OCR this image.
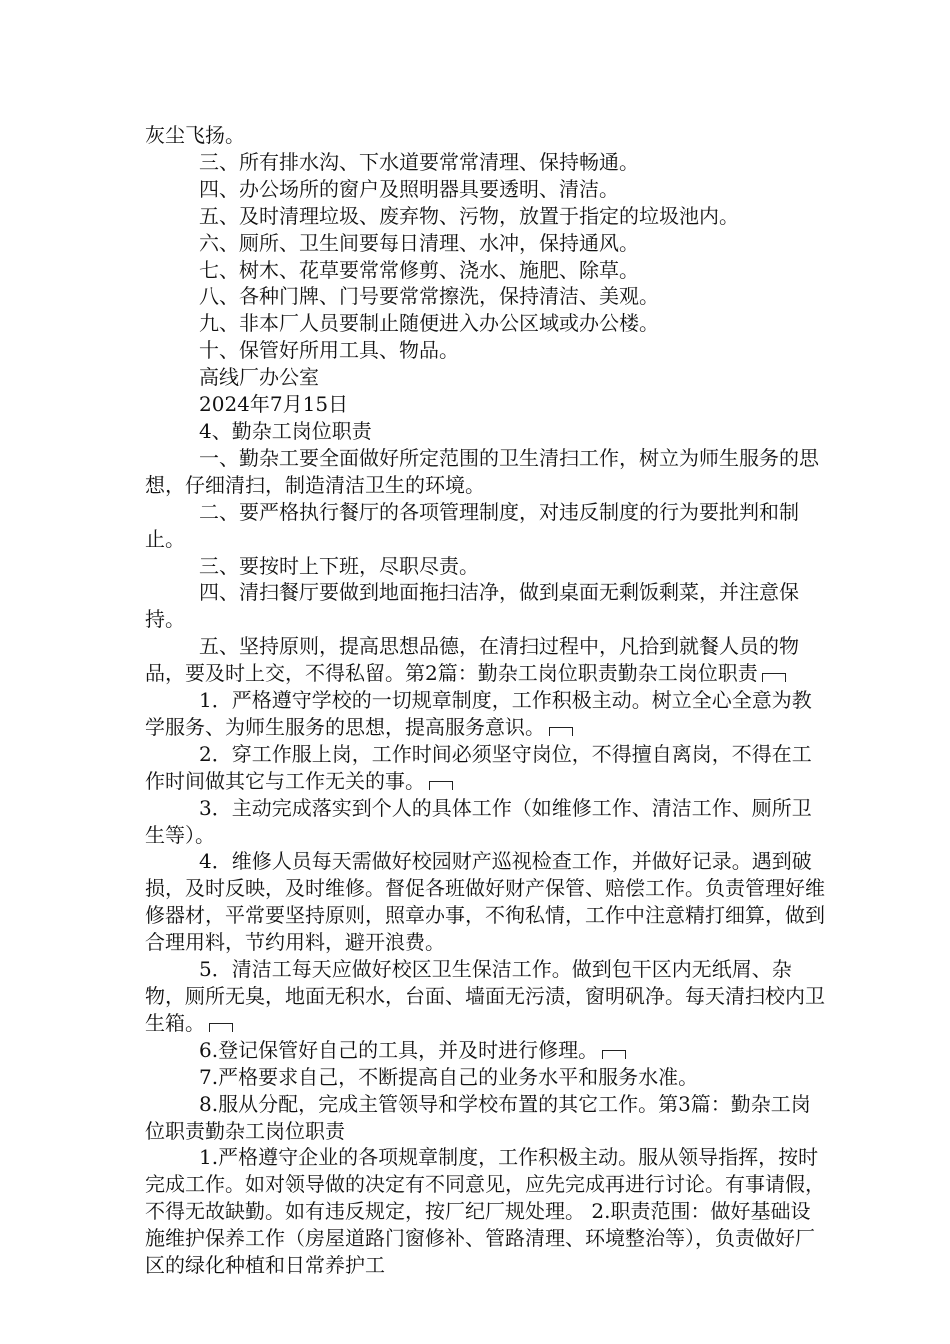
灰尘飞扬。

三、所有排水沟、下水道要常常清理、保持畅通。

四、办公场所的窗户及照明器具要透明、清洁。

五、及时清理垃圾、废弃物、污物，放置于指定的垃圾池内。

六、厕所、卫生间要每日清理、水冲，保持通风。

七、树木、花草要常常修剪、浇水、施肥、除草。

八、各种门牌、门号要常常擦洗，保持清洁、美观。

九、非本厂人员要制止随便进入办公区域或办公楼。

十、保管好所用工具、物品。

高线厂办公室

2024年7月15日

4、勤杂工岗位职责

一、勤杂工要全面做好所定范围的卫生清扫工作，树立为师生服务的思想，仔细清扫，制造清洁卫生的环境。

二、要严格执行餐厅的各项管理制度，对违反制度的行为要批判和制止。

三、要按时上下班，尽职尽责。

四、清扫餐厅要做到地面拖扫洁净，做到桌面无剩饭剩菜，并注意保持。

五、坚持原则，提高思想品德，在清扫过程中，凡拾到就餐人员的物品，要及时上交，不得私留。第2篇：勤杂工岗位职责勤杂工岗位职责

1．严格遵守学校的一切规章制度，工作积极主动。树立全心全意为教学服务、为师生服务的思想，提高服务意识。

2．穿工作服上岗，工作时间必须坚守岗位，不得擅自离岗，不得在工作时间做其它与工作无关的事。

3．主动完成落实到个人的具体工作（如维修工作、清洁工作、厕所卫生等）。

4．维修人员每天需做好校园财产巡视检查工作，并做好记录。遇到破损，及时反映，及时维修。督促各班做好财产保管、赔偿工作。负责管理好维修器材，平常要坚持原则，照章办事，不徇私情，工作中注意精打细算，做到合理用料，节约用料，避开浪费。

5．清洁工每天应做好校区卫生保洁工作。做到包干区内无纸屑、杂物，厕所无臭，地面无积水，台面、墙面无污渍，窗明矾净。每天清扫校内卫生箱。

6.登记保管好自己的工具，并及时进行修理。

7.严格要求自己，不断提高自己的业务水平和服务水准。

8.服从分配，完成主管领导和学校布置的其它工作。第3篇：勤杂工岗位职责勤杂工岗位职责

1.严格遵守企业的各项规章制度，工作积极主动。服从领导指挥，按时完成工作。如对领导做的决定有不同意见，应先完成再进行讨论。有事请假，不得无故缺勤。如有违反规定，按厂纪厂规处理。 2.职责范围：做好基础设施维护保养工作（房屋道路门窗修补、管路清理、环境整治等），负责做好厂区的绿化种植和日常养护工
